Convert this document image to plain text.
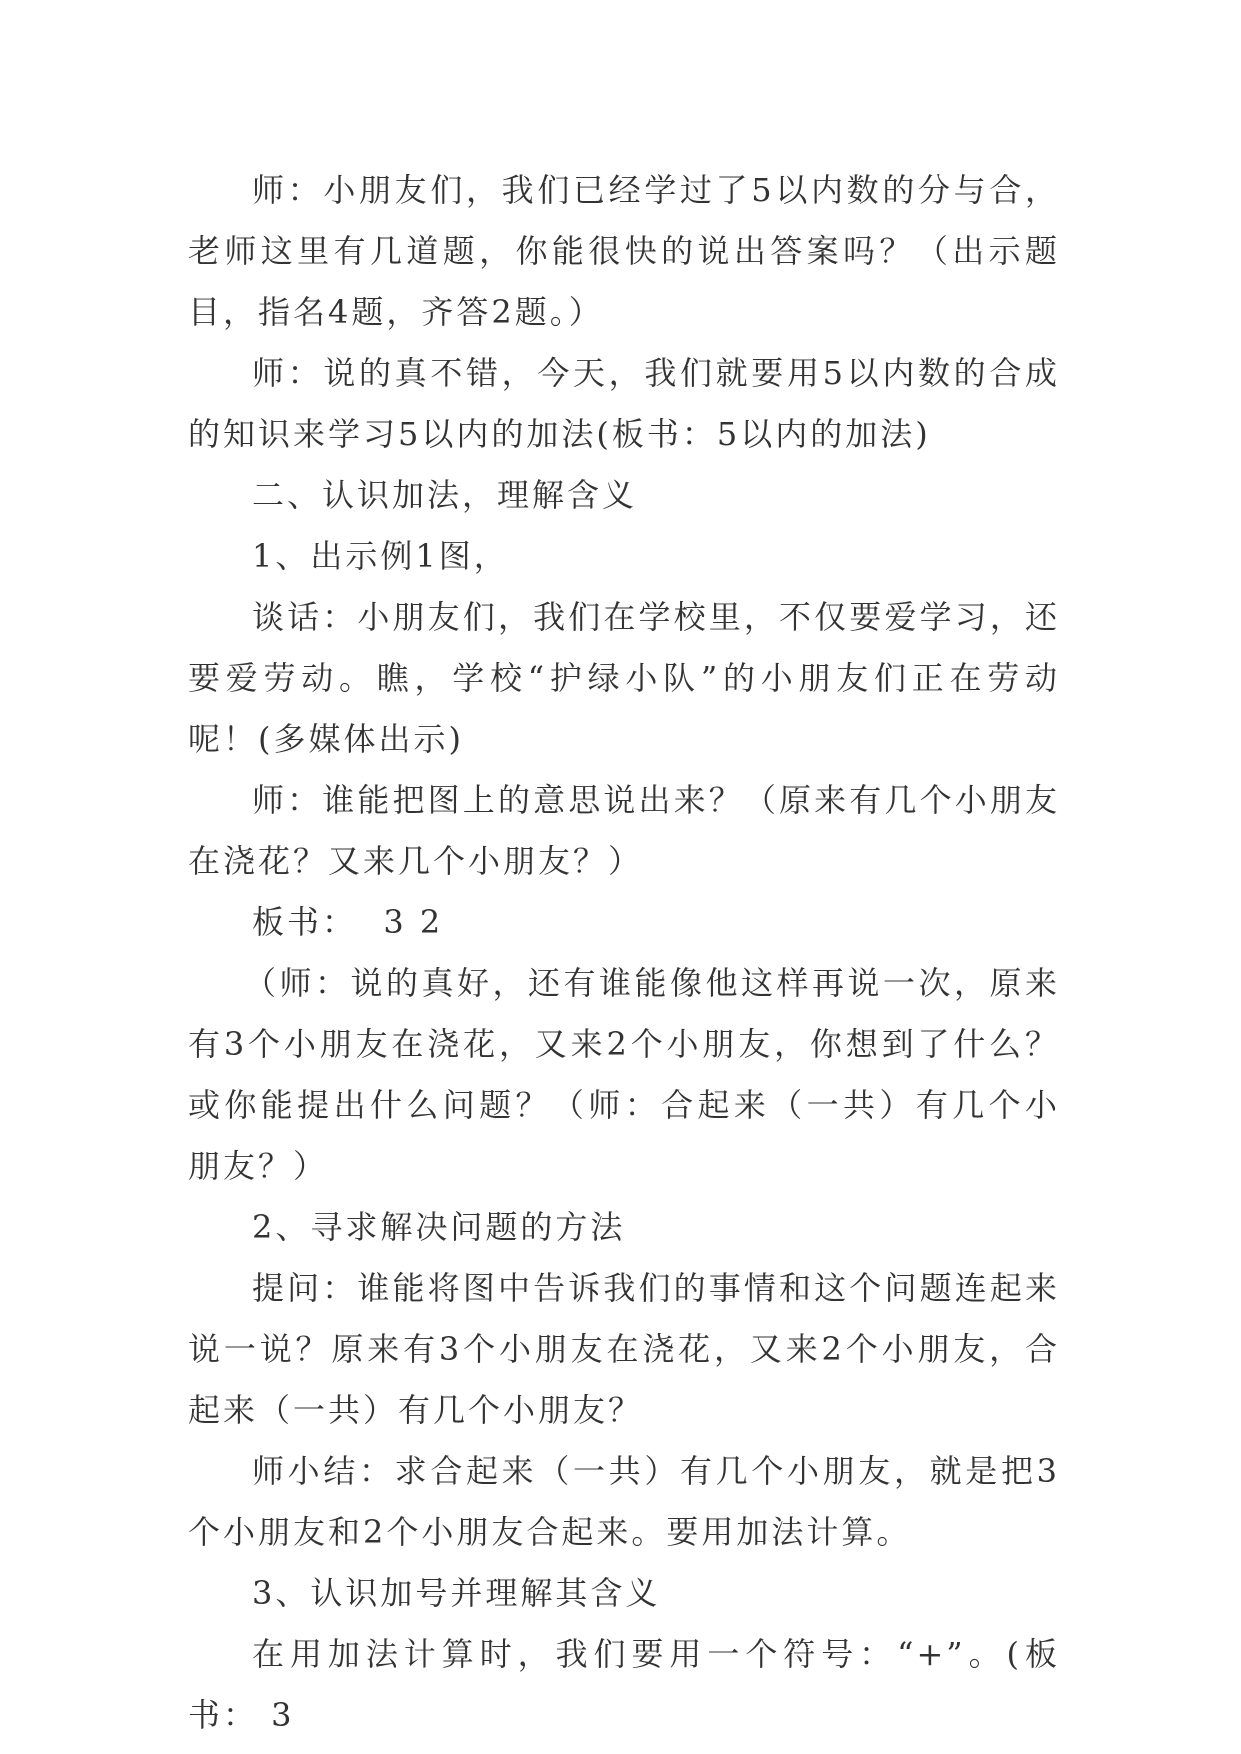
师：小朋友们，我们已经学过了5以内数的分与合，老师这里有几道题，你能很快的说出答案吗？（出示题目，指名4题，齐答2题。）

师：说的真不错，今天，我们就要用5以内数的合成的知识来学习5以内的加法(板书：5以内的加法)

二、认识加法，理解含义

1、出示例1图，

谈话：小朋友们，我们在学校里，不仅要爱学习，还要爱劳动。瞧，学校“护绿小队”的小朋友们正在劳动呢！(多媒体出示)

师：谁能把图上的意思说出来？（原来有几个小朋友在浇花？又来几个小朋友？）

板书：  3 2

（师：说的真好，还有谁能像他这样再说一次，原来有3个小朋友在浇花，又来2个小朋友，你想到了什么？或你能提出什么问题？（师：合起来（一共）有几个小朋友？）

2、寻求解决问题的方法

提问：谁能将图中告诉我们的事情和这个问题连起来说一说？原来有3个小朋友在浇花，又来2个小朋友，合起来（一共）有几个小朋友？

师小结：求合起来（一共）有几个小朋友，就是把3个小朋友和2个小朋友合起来。要用加法计算。

3、认识加号并理解其含义

在用加法计算时，我们要用一个符号：“+”。(板书： 3
